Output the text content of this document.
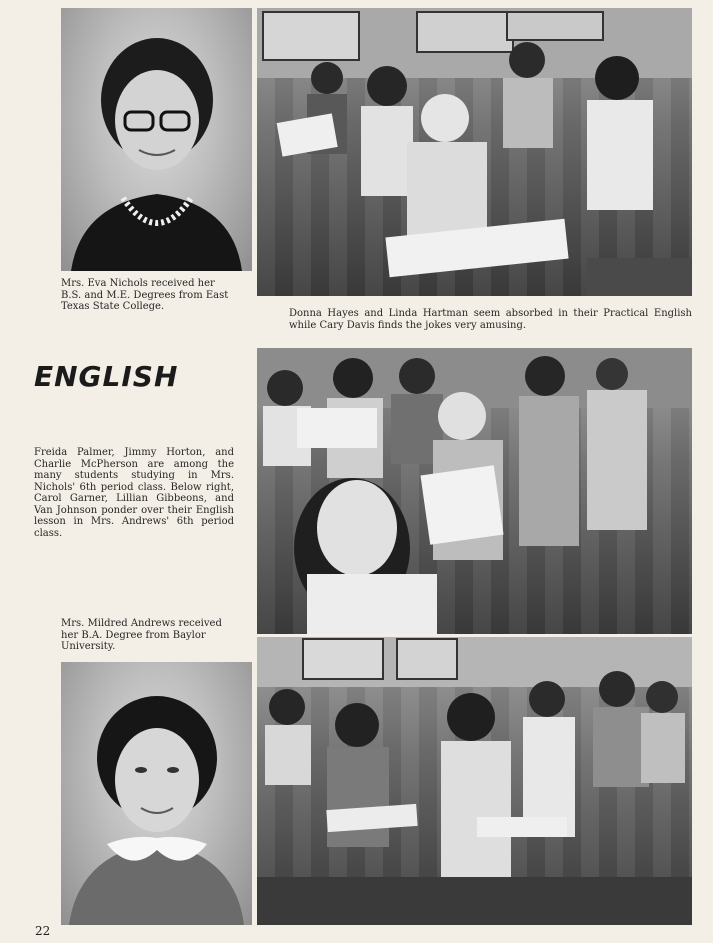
Mrs. Eva Nichols received her B.S. and M.E. Degrees from East Texas State College.
Donna Hayes and Linda Hartman seem absorbed in their Practical English while Cary Davis finds the jokes very amusing.
ENGLISH
Freida Palmer, Jimmy Horton, and Charlie McPherson are among the many students studying in Mrs. Nichols' 6th period class. Below right, Carol Garner, Lillian Gibbeons, and Van Johnson ponder over their English lesson in Mrs. Andrews' 6th period class.
Mrs. Mildred Andrews received her B.A. Degree from Baylor University.
22
